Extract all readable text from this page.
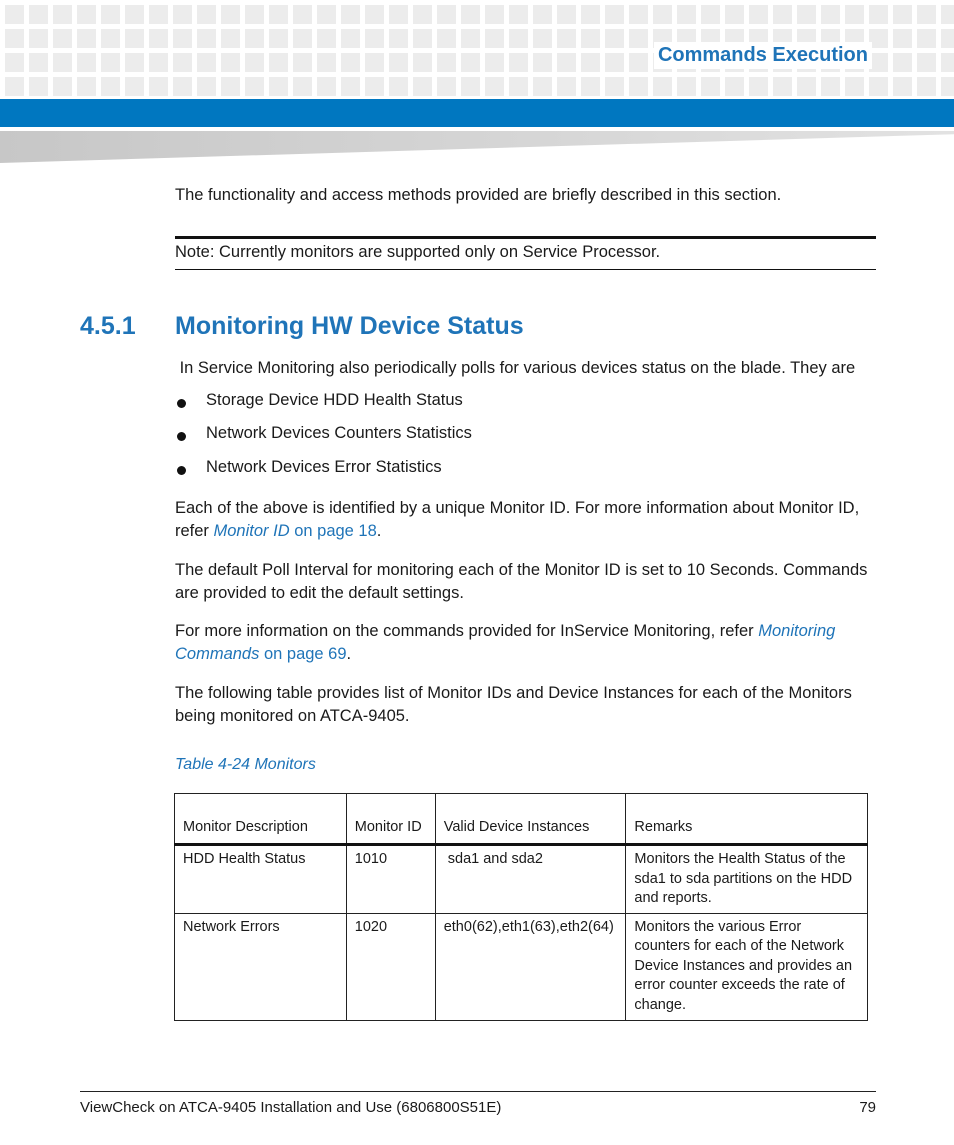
Commands Execution

The functionality and access methods provided are briefly described in this section.

Note: Currently monitors are supported only on Service Processor.
4.5.1 Monitoring HW Device Status

In Service Monitoring also periodically polls for various devices status on the blade. They are

Storage Device HDD Health Status
Network Devices Counters Statistics
Network Devices Error Statistics

Each of the above is identified by a unique Monitor ID. For more information about Monitor ID, refer Monitor ID on page 18.

The default Poll Interval for monitoring each of the Monitor ID is set to 10 Seconds. Commands are provided to edit the default settings.

For more information on the commands provided for InService Monitoring, refer Monitoring Commands on page 69.

The following table provides list of Monitor IDs and Device Instances for each of the Monitors being monitored on ATCA-9405.

Table 4-24 Monitors
Monitor Description	Monitor ID	Valid Device Instances	Remarks
HDD Health Status	1010	sda1 and sda2	Monitors the Health Status of the sda1 to sda partitions on the HDD and reports.
Network Errors	1020	eth0(62),eth1(63),eth2(64)	Monitors the various Error counters for each of the Network Device Instances and provides an error counter exceeds the rate of change.
ViewCheck on ATCA-9405 Installation and Use (6806800S51E)	79
